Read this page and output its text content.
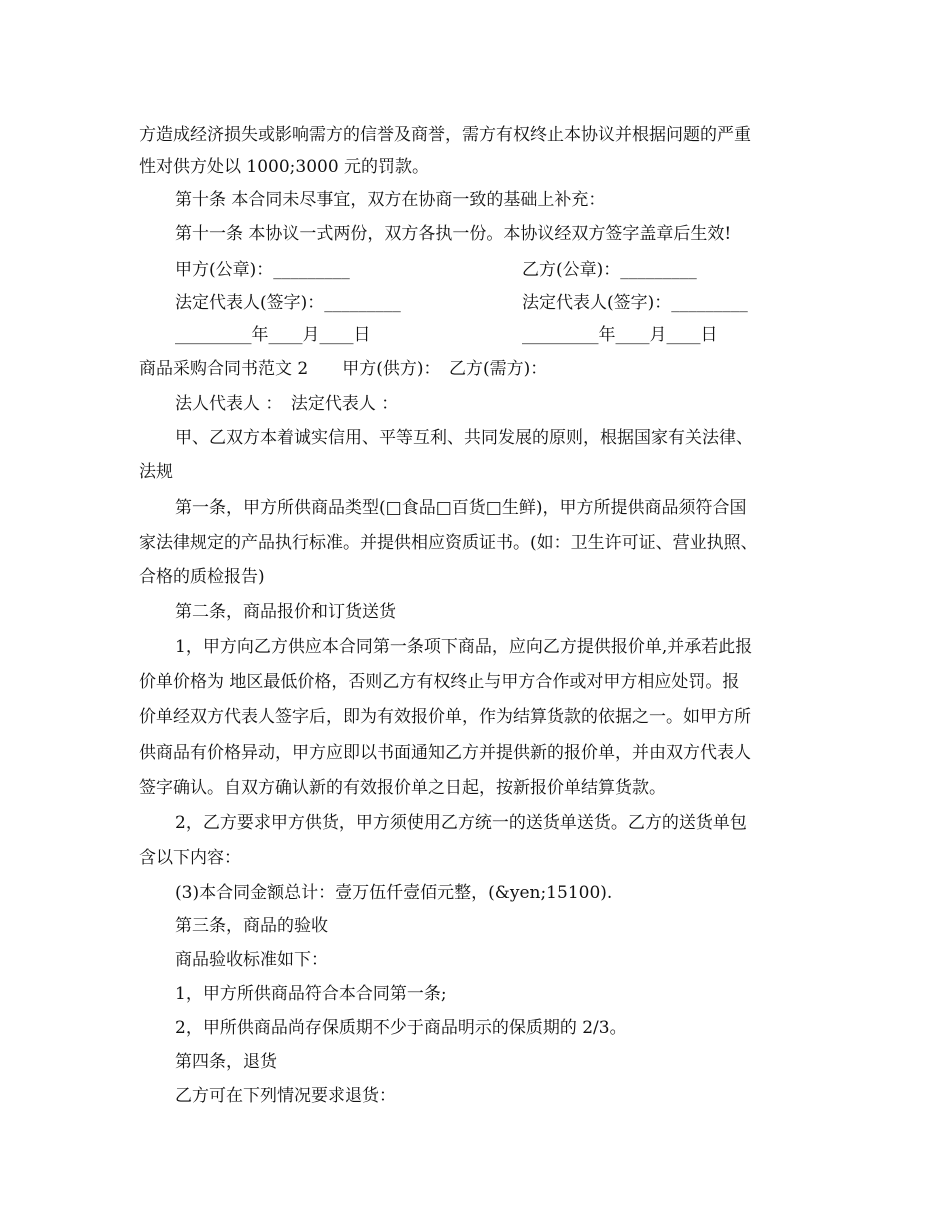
方造成经济损失或影响需方的信誉及商誉，需方有权终止本协议并根据问题的严重
性对供方处以 1000;3000 元的罚款。
第十条 本合同未尽事宜，双方在协商一致的基础上补充：
第十一条 本协议一式两份，双方各执一份。本协议经双方签字盖章后生效!
甲方(公章)：_________	乙方(公章)：_________
法定代表人(签字)：_________	法定代表人(签字)：_________
_________年____月____日	_________年____月____日
商品采购合同书范文 2　　甲方(供方)：　乙方(需方)：
法人代表人 ：　法定代表人 ：
甲、乙双方本着诚实信用、平等互利、共同发展的原则，根据国家有关法律、
法规
第一条，甲方所供商品类型(□食品□百货□生鲜)，甲方所提供商品须符合国
家法律规定的产品执行标准。并提供相应资质证书。(如：卫生许可证、营业执照、
合格的质检报告)
第二条，商品报价和订货送货
1，甲方向乙方供应本合同第一条项下商品，应向乙方提供报价单,并承若此报
价单价格为 地区最低价格，否则乙方有权终止与甲方合作或对甲方相应处罚。报
价单经双方代表人签字后，即为有效报价单，作为结算货款的依据之一。如甲方所
供商品有价格异动，甲方应即以书面通知乙方并提供新的报价单，并由双方代表人
签字确认。自双方确认新的有效报价单之日起，按新报价单结算货款。
2，乙方要求甲方供货，甲方须使用乙方统一的送货单送货。乙方的送货单包
含以下内容：
(3)本合同金额总计：壹万伍仟壹佰元整，(&yen;15100).
第三条，商品的验收
商品验收标准如下：
1，甲方所供商品符合本合同第一条;
2，甲所供商品尚存保质期不少于商品明示的保质期的 2/3。
第四条，退货
乙方可在下列情况要求退货：
